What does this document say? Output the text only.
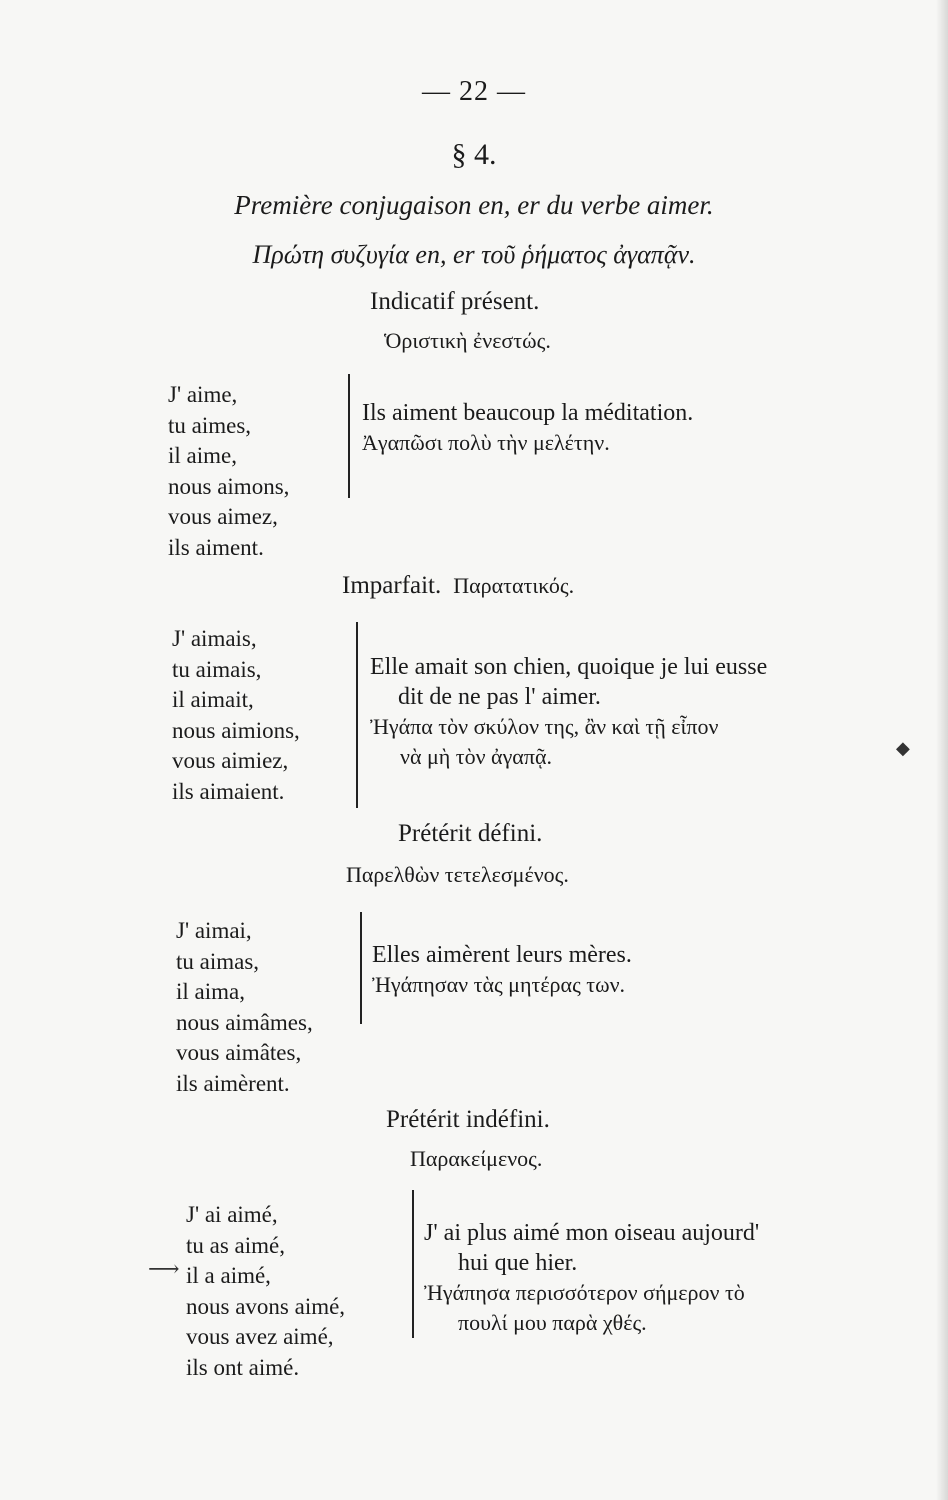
— 22 —
§ 4.
Première conjugaison en, er du verbe aimer.
Πρώτη συζυγία en, er τοῦ ῥήματος ἀγαπᾷν.
Indicatif présent.
Ὁριστικὴ ἐνεστώς.
J' aime,
tu aimes,
il aime,
nous aimons,
vous aimez,
ils aiment.
Ils aiment beaucoup la méditation.
Ἀγαπῶσι πολὺ τὴν μελέτην.
Imparfait. Παρατατικός.
J' aimais,
tu aimais,
il aimait,
nous aimions,
vous aimiez,
ils aimaient.
Elle amait son chien, quoique je lui eusse
dit de ne pas l' aimer.
Ἠγάπα τὸν σκύλον της, ἂν καὶ τῇ εἶπον
νὰ μὴ τὸν ἀγαπᾷ.
Prétérit défini.
Παρελθὼν τετελεσμένος.
J' aimai,
tu aimas,
il aima,
nous aimâmes,
vous aimâtes,
ils aimèrent.
Elles aimèrent leurs mères.
Ἠγάπησαν τὰς μητέρας των.
Prétérit indéfini.
Παρακείμενος.
J' ai aimé,
tu as aimé,
il a aimé,
nous avons aimé,
vous avez aimé,
ils ont aimé.
J' ai plus aimé mon oiseau aujourd'
hui que hier.
Ἠγάπησα περισσότερον σήμερον τὸ
πουλί μου παρὰ χθές.
⟶
◆
